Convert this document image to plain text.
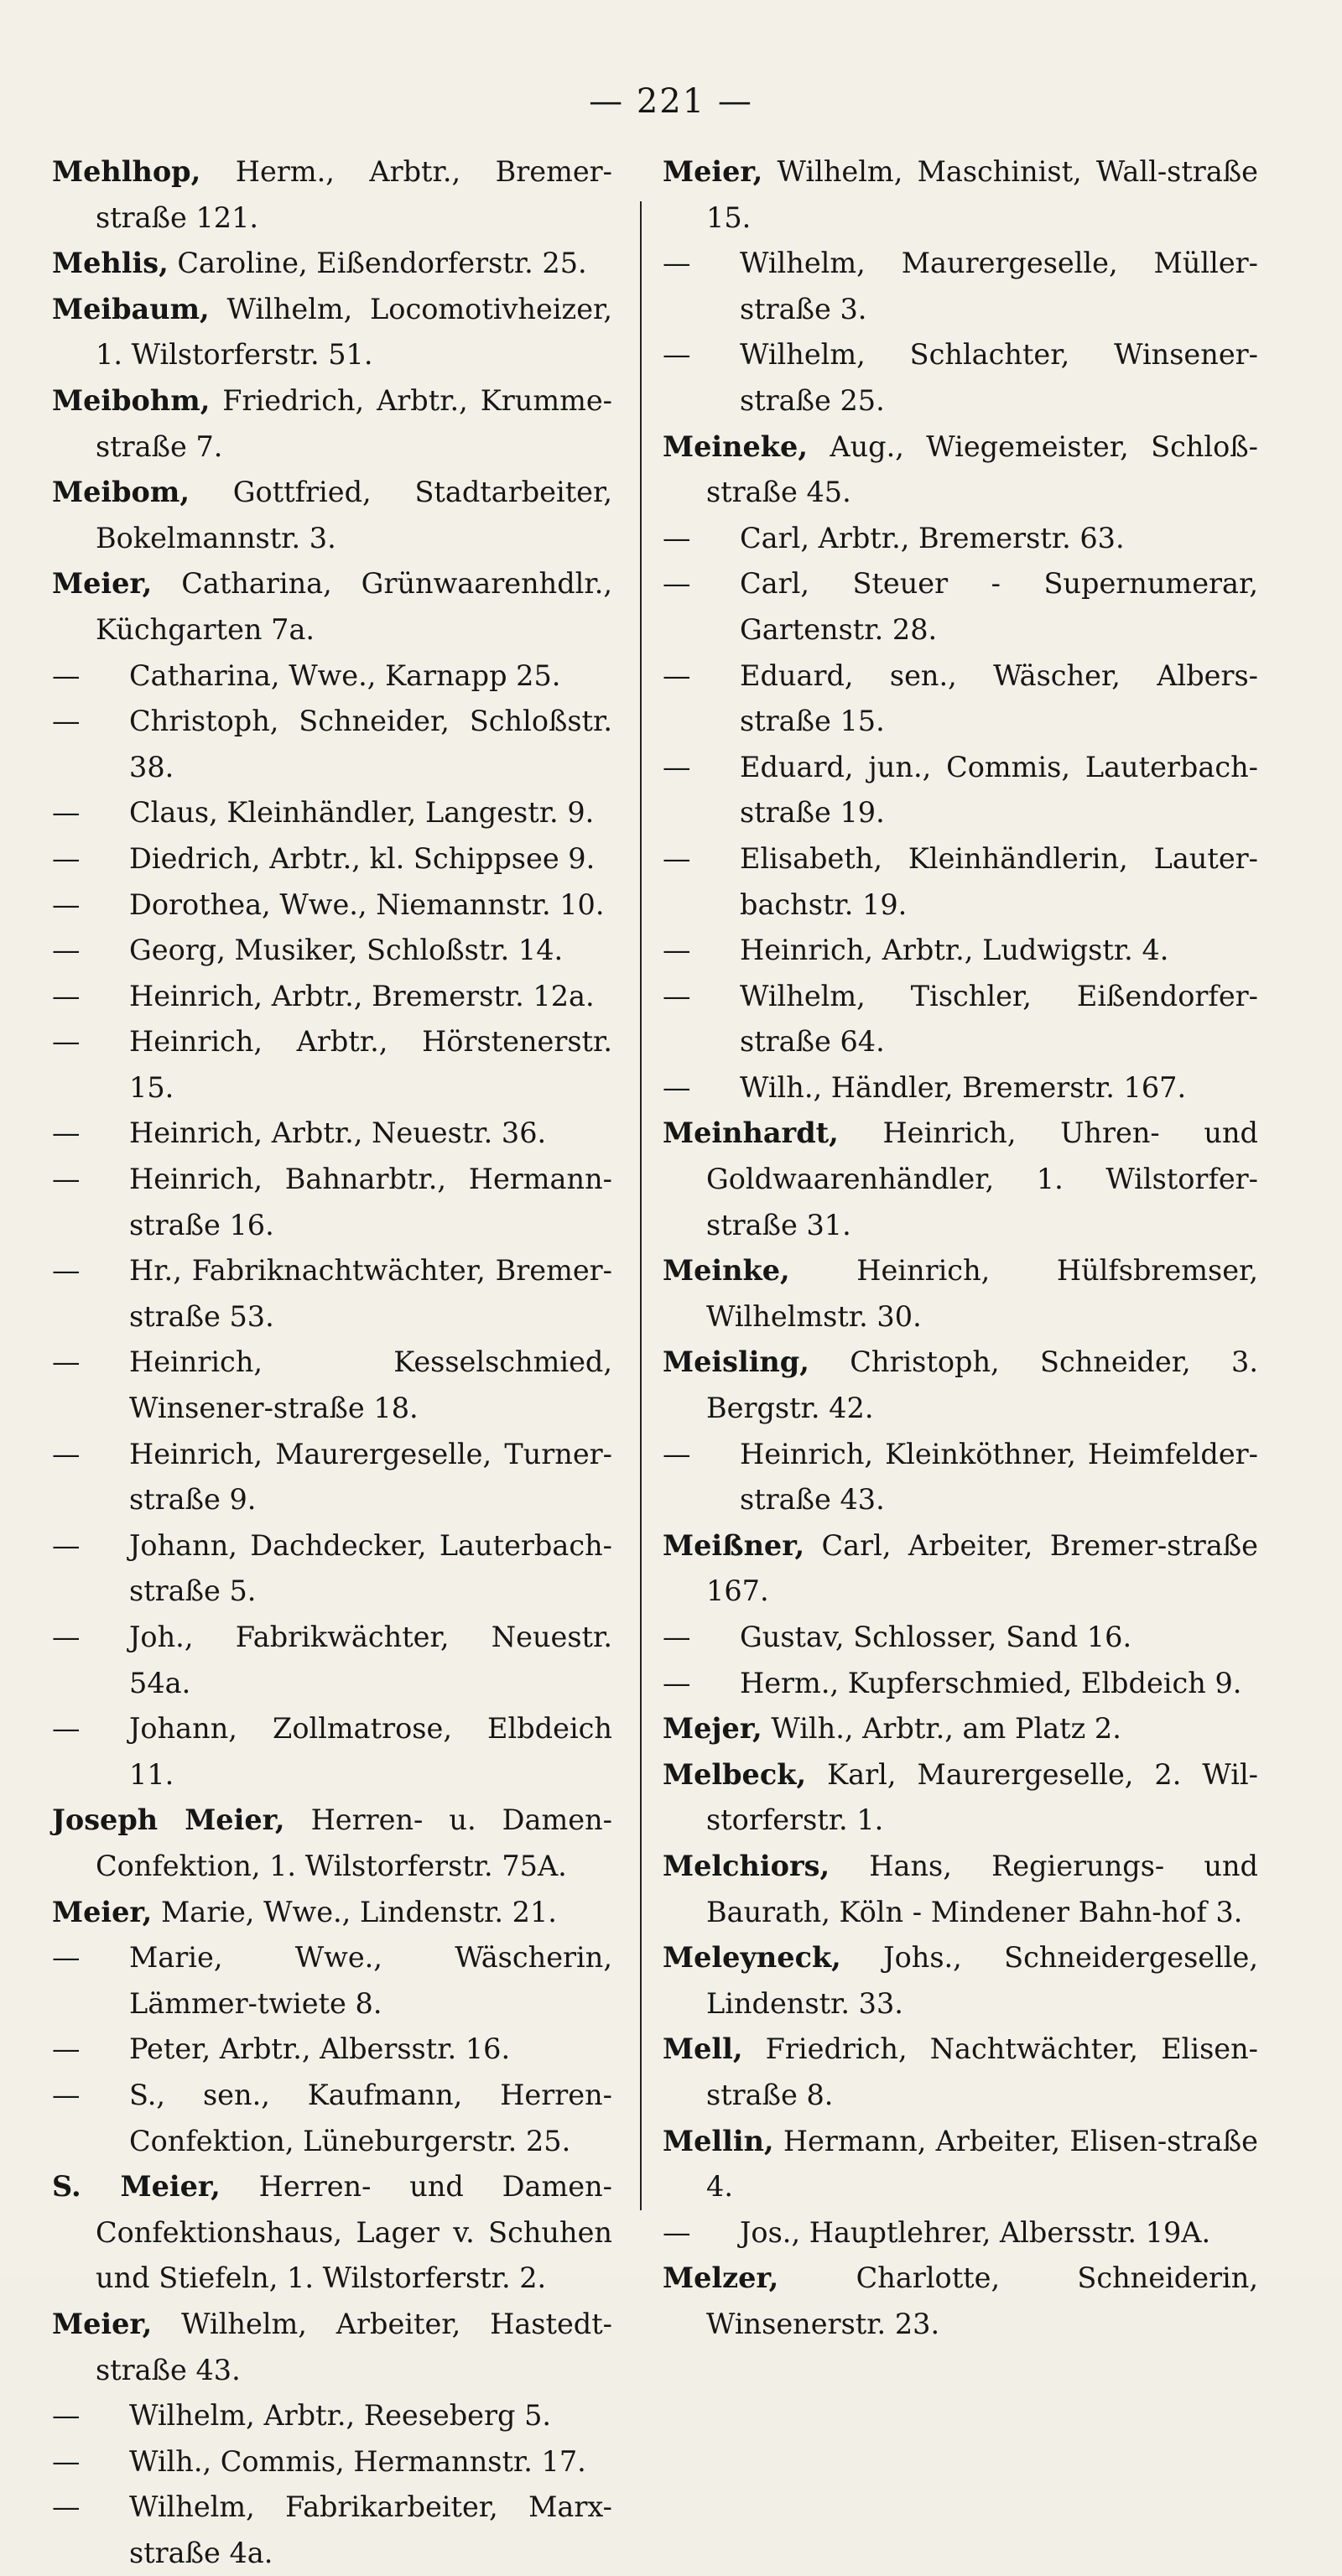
— 221 —
Mehlhop, Herm., Arbtr., Bremer-straße 121.
Mehlis, Caroline, Eißendorferstr. 25.
Meibaum, Wilhelm, Locomotivheizer, 1. Wilstorferstr. 51.
Meibohm, Friedrich, Arbtr., Krumme-straße 7.
Meibom, Gottfried, Stadtarbeiter, Bokelmannstr. 3.
Meier, Catharina, Grünwaarenhdlr., Küchgarten 7a.
— Catharina, Wwe., Karnapp 25.
— Christoph, Schneider, Schloßstr. 38.
— Claus, Kleinhändler, Langestr. 9.
— Diedrich, Arbtr., kl. Schippsee 9.
— Dorothea, Wwe., Niemannstr. 10.
— Georg, Musiker, Schloßstr. 14.
— Heinrich, Arbtr., Bremerstr. 12a.
— Heinrich, Arbtr., Hörstenerstr. 15.
— Heinrich, Arbtr., Neuestr. 36.
— Heinrich, Bahnarbtr., Hermann-straße 16.
— Hr., Fabriknachtwächter, Bremer-straße 53.
— Heinrich, Kesselschmied, Winsener-straße 18.
— Heinrich, Maurergeselle, Turner-straße 9.
— Johann, Dachdecker, Lauterbach-straße 5.
— Joh., Fabrikwächter, Neuestr. 54a.
— Johann, Zollmatrose, Elbdeich 11.
Joseph Meier, Herren- u. Damen-Confektion, 1. Wilstorferstr. 75A.
Meier, Marie, Wwe., Lindenstr. 21.
— Marie, Wwe., Wäscherin, Lämmer-twiete 8.
— Peter, Arbtr., Albersstr. 16.
— S., sen., Kaufmann, Herren-Confektion, Lüneburgerstr. 25.
S. Meier, Herren- und Damen-Confektionshaus, Lager v. Schuhen und Stiefeln, 1. Wilstorferstr. 2.
Meier, Wilhelm, Arbeiter, Hastedt-straße 43.
— Wilhelm, Arbtr., Reeseberg 5.
— Wilh., Commis, Hermannstr. 17.
— Wilhelm, Fabrikarbeiter, Marx-straße 4a.
Meier, Wilhelm, Maschinist, Wall-straße 15.
— Wilhelm, Maurergeselle, Müller-straße 3.
— Wilhelm, Schlachter, Winsener-straße 25.
Meineke, Aug., Wiegemeister, Schloß-straße 45.
— Carl, Arbtr., Bremerstr. 63.
— Carl, Steuer - Supernumerar, Gartenstr. 28.
— Eduard, sen., Wäscher, Albers-straße 15.
— Eduard, jun., Commis, Lauterbach-straße 19.
— Elisabeth, Kleinhändlerin, Lauter-bachstr. 19.
— Heinrich, Arbtr., Ludwigstr. 4.
— Wilhelm, Tischler, Eißendorfer-straße 64.
— Wilh., Händler, Bremerstr. 167.
Meinhardt, Heinrich, Uhren- und Goldwaarenhändler, 1. Wilstorfer-straße 31.
Meinke, Heinrich, Hülfsbremser, Wilhelmstr. 30.
Meisling, Christoph, Schneider, 3. Bergstr. 42.
— Heinrich, Kleinköthner, Heimfelder-straße 43.
Meißner, Carl, Arbeiter, Bremer-straße 167.
— Gustav, Schlosser, Sand 16.
— Herm., Kupferschmied, Elbdeich 9.
Mejer, Wilh., Arbtr., am Platz 2.
Melbeck, Karl, Maurergeselle, 2. Wil-storferstr. 1.
Melchiors, Hans, Regierungs- und Baurath, Köln - Mindener Bahn-hof 3.
Meleyneck, Johs., Schneidergeselle, Lindenstr. 33.
Mell, Friedrich, Nachtwächter, Elisen-straße 8.
Mellin, Hermann, Arbeiter, Elisen-straße 4.
— Jos., Hauptlehrer, Albersstr. 19A.
Melzer,	Charlotte, Schneiderin, Winsenerstr. 23.
